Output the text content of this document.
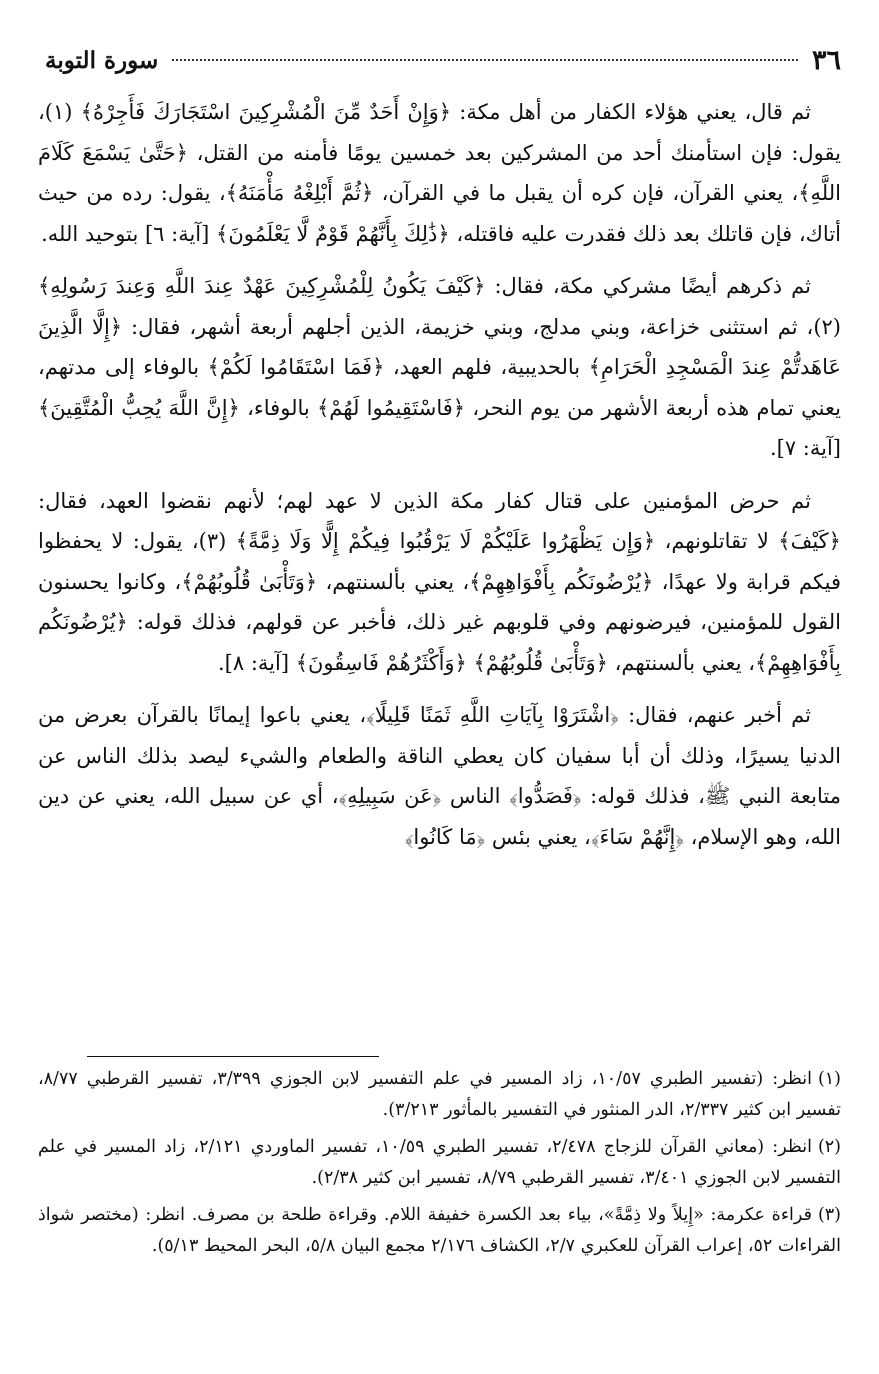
٣٦
سورة التوبة

ثم قال، يعني هؤلاء الكفار من أهل مكة: ﴿وَإِنْ أَحَدٌ مِّنَ الْمُشْرِكِينَ اسْتَجَارَكَ فَأَجِرْهُ﴾ (١)، يقول: فإن استأمنك أحد من المشركين بعد خمسين يومًا فأمنه من القتل، ﴿حَتَّىٰ يَسْمَعَ كَلَامَ اللَّهِ﴾، يعني القرآن، فإن كره أن يقبل ما في القرآن، ﴿ثُمَّ أَبْلِغْهُ مَأْمَنَهُ﴾، يقول: رده من حيث أتاك، فإن قاتلك بعد ذلك فقدرت عليه فاقتله، ﴿ذَٰلِكَ بِأَنَّهُمْ قَوْمٌ لَّا يَعْلَمُونَ﴾ [آية: ٦] بتوحيد الله.

ثم ذكرهم أيضًا مشركي مكة، فقال: ﴿كَيْفَ يَكُونُ لِلْمُشْرِكِينَ عَهْدٌ عِندَ اللَّهِ وَعِندَ رَسُولِهِ﴾ (٢)، ثم استثنى خزاعة، وبني مدلج، وبني خزيمة، الذين أجلهم أربعة أشهر، فقال: ﴿إِلَّا الَّذِينَ عَاهَدتُّمْ عِندَ الْمَسْجِدِ الْحَرَامِ﴾ بالحديبية، فلهم العهد، ﴿فَمَا اسْتَقَامُوا لَكُمْ﴾ بالوفاء إلى مدتهم، يعني تمام هذه أربعة الأشهر من يوم النحر، ﴿فَاسْتَقِيمُوا لَهُمْ﴾ بالوفاء، ﴿إِنَّ اللَّهَ يُحِبُّ الْمُتَّقِينَ﴾ [آية: ٧].

ثم حرض المؤمنين على قتال كفار مكة الذين لا عهد لهم؛ لأنهم نقضوا العهد، فقال: ﴿كَيْفَ﴾ لا تقاتلونهم، ﴿وَإِن يَظْهَرُوا عَلَيْكُمْ لَا يَرْقُبُوا فِيكُمْ إِلًّا وَلَا ذِمَّةً﴾ (٣)، يقول: لا يحفظوا فيكم قرابة ولا عهدًا، ﴿يُرْضُونَكُم بِأَفْوَاهِهِمْ﴾، يعني بألسنتهم، ﴿وَتَأْبَىٰ قُلُوبُهُمْ﴾، وكانوا يحسنون القول للمؤمنين، فيرضونهم وفي قلوبهم غير ذلك، فأخبر عن قولهم، فذلك قوله: ﴿يُرْضُونَكُم بِأَفْوَاهِهِمْ﴾، يعني بألسنتهم، ﴿وَتَأْبَىٰ قُلُوبُهُمْ﴾ ﴿وَأَكْثَرُهُمْ فَاسِقُونَ﴾ [آية: ٨].

ثم أخبر عنهم، فقال: ﴿اشْتَرَوْا بِآيَاتِ اللَّهِ ثَمَنًا قَلِيلًا﴾، يعني باعوا إيمانًا بالقرآن بعرض من الدنيا يسيرًا، وذلك أن أبا سفيان كان يعطي الناقة والطعام والشيء ليصد بذلك الناس عن متابعة النبي ﷺ، فذلك قوله: ﴿فَصَدُّوا﴾ الناس ﴿عَن سَبِيلِهِ﴾، أي عن سبيل الله، يعني عن دين الله، وهو الإسلام، ﴿إِنَّهُمْ سَاءَ﴾، يعني بئس ﴿مَا كَانُوا﴾

(١)انظر: (تفسير الطبري ١٠/٥٧، زاد المسير في علم التفسير لابن الجوزي ٣/٣٩٩، تفسير القرطبي ٨/٧٧، تفسير ابن كثير ٢/٣٣٧، الدر المنثور في التفسير بالمأثور ٣/٢١٣).

(٢)انظر: (معاني القرآن للزجاج ٢/٤٧٨، تفسير الطبري ١٠/٥٩، تفسير الماوردي ٢/١٢١، زاد المسير في علم التفسير لابن الجوزي ٣/٤٠١، تفسير القرطبي ٨/٧٩، تفسير ابن كثير ٢/٣٨).

(٣)قراءة عكرمة: «إِيلاً ولا ذِمَّةً»، بياء بعد الكسرة خفيفة اللام. وقراءة طلحة بن مصرف. انظر: (مختصر شواذ القراءات ٥٢، إعراب القرآن للعكبري ٢/٧، الكشاف ٢/١٧٦ مجمع البيان ٥/٨، البحر المحيط ٥/١٣).
